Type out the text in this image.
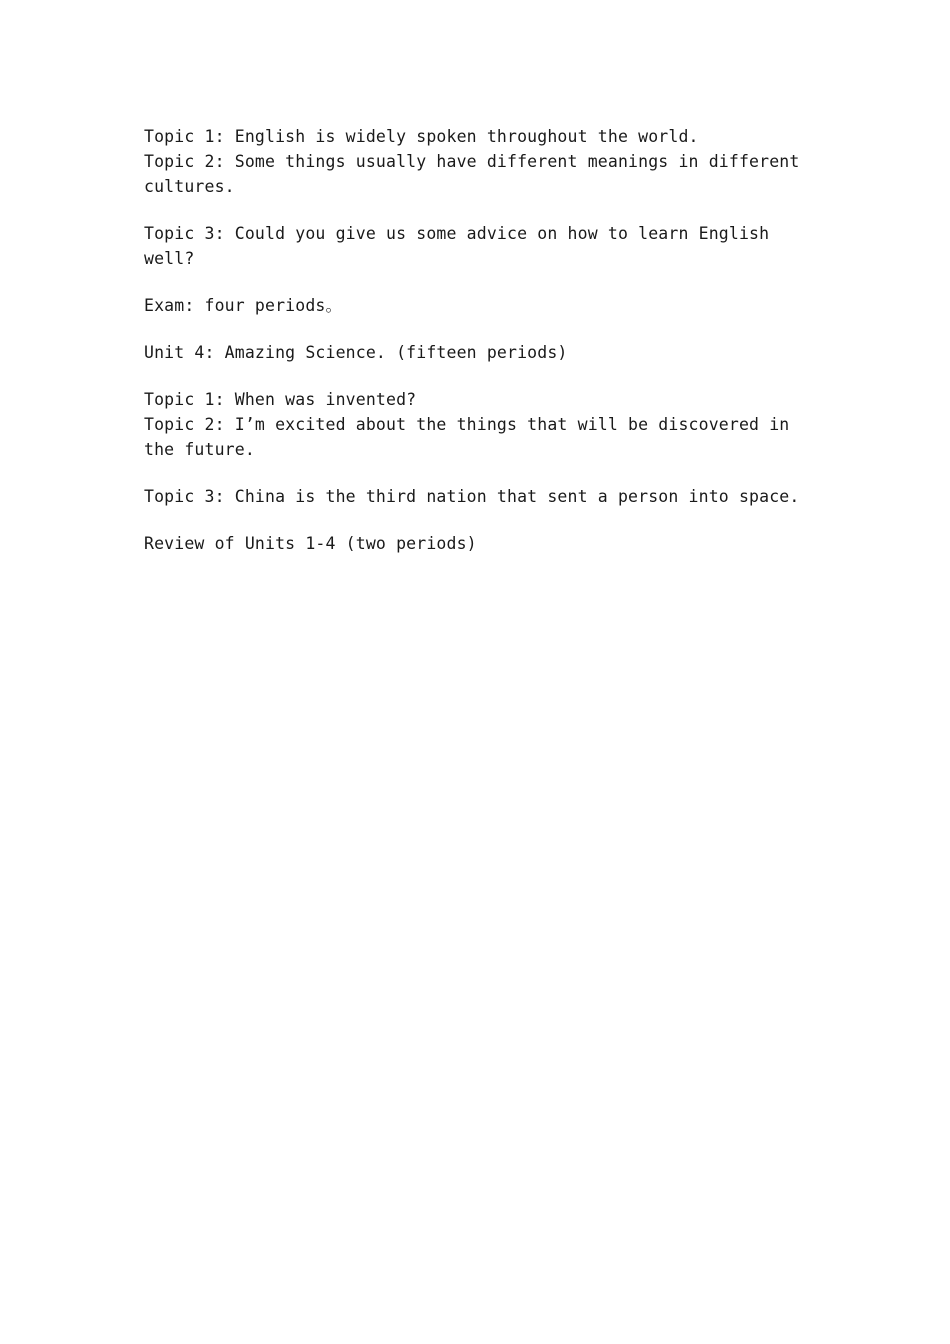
Topic 1: English is widely spoken throughout the world.
Topic 2: Some things usually have different meanings in different cultures.
Topic 3: Could you give us some advice on how to learn English well?
Exam: four periods。
Unit 4: Amazing Science. (fifteen periods)
Topic 1: When was invented?
Topic 2: I’m excited about the things that will be discovered in the future.
Topic 3: China is the third nation that sent a person into space.
Review of Units 1-4 (two periods)
